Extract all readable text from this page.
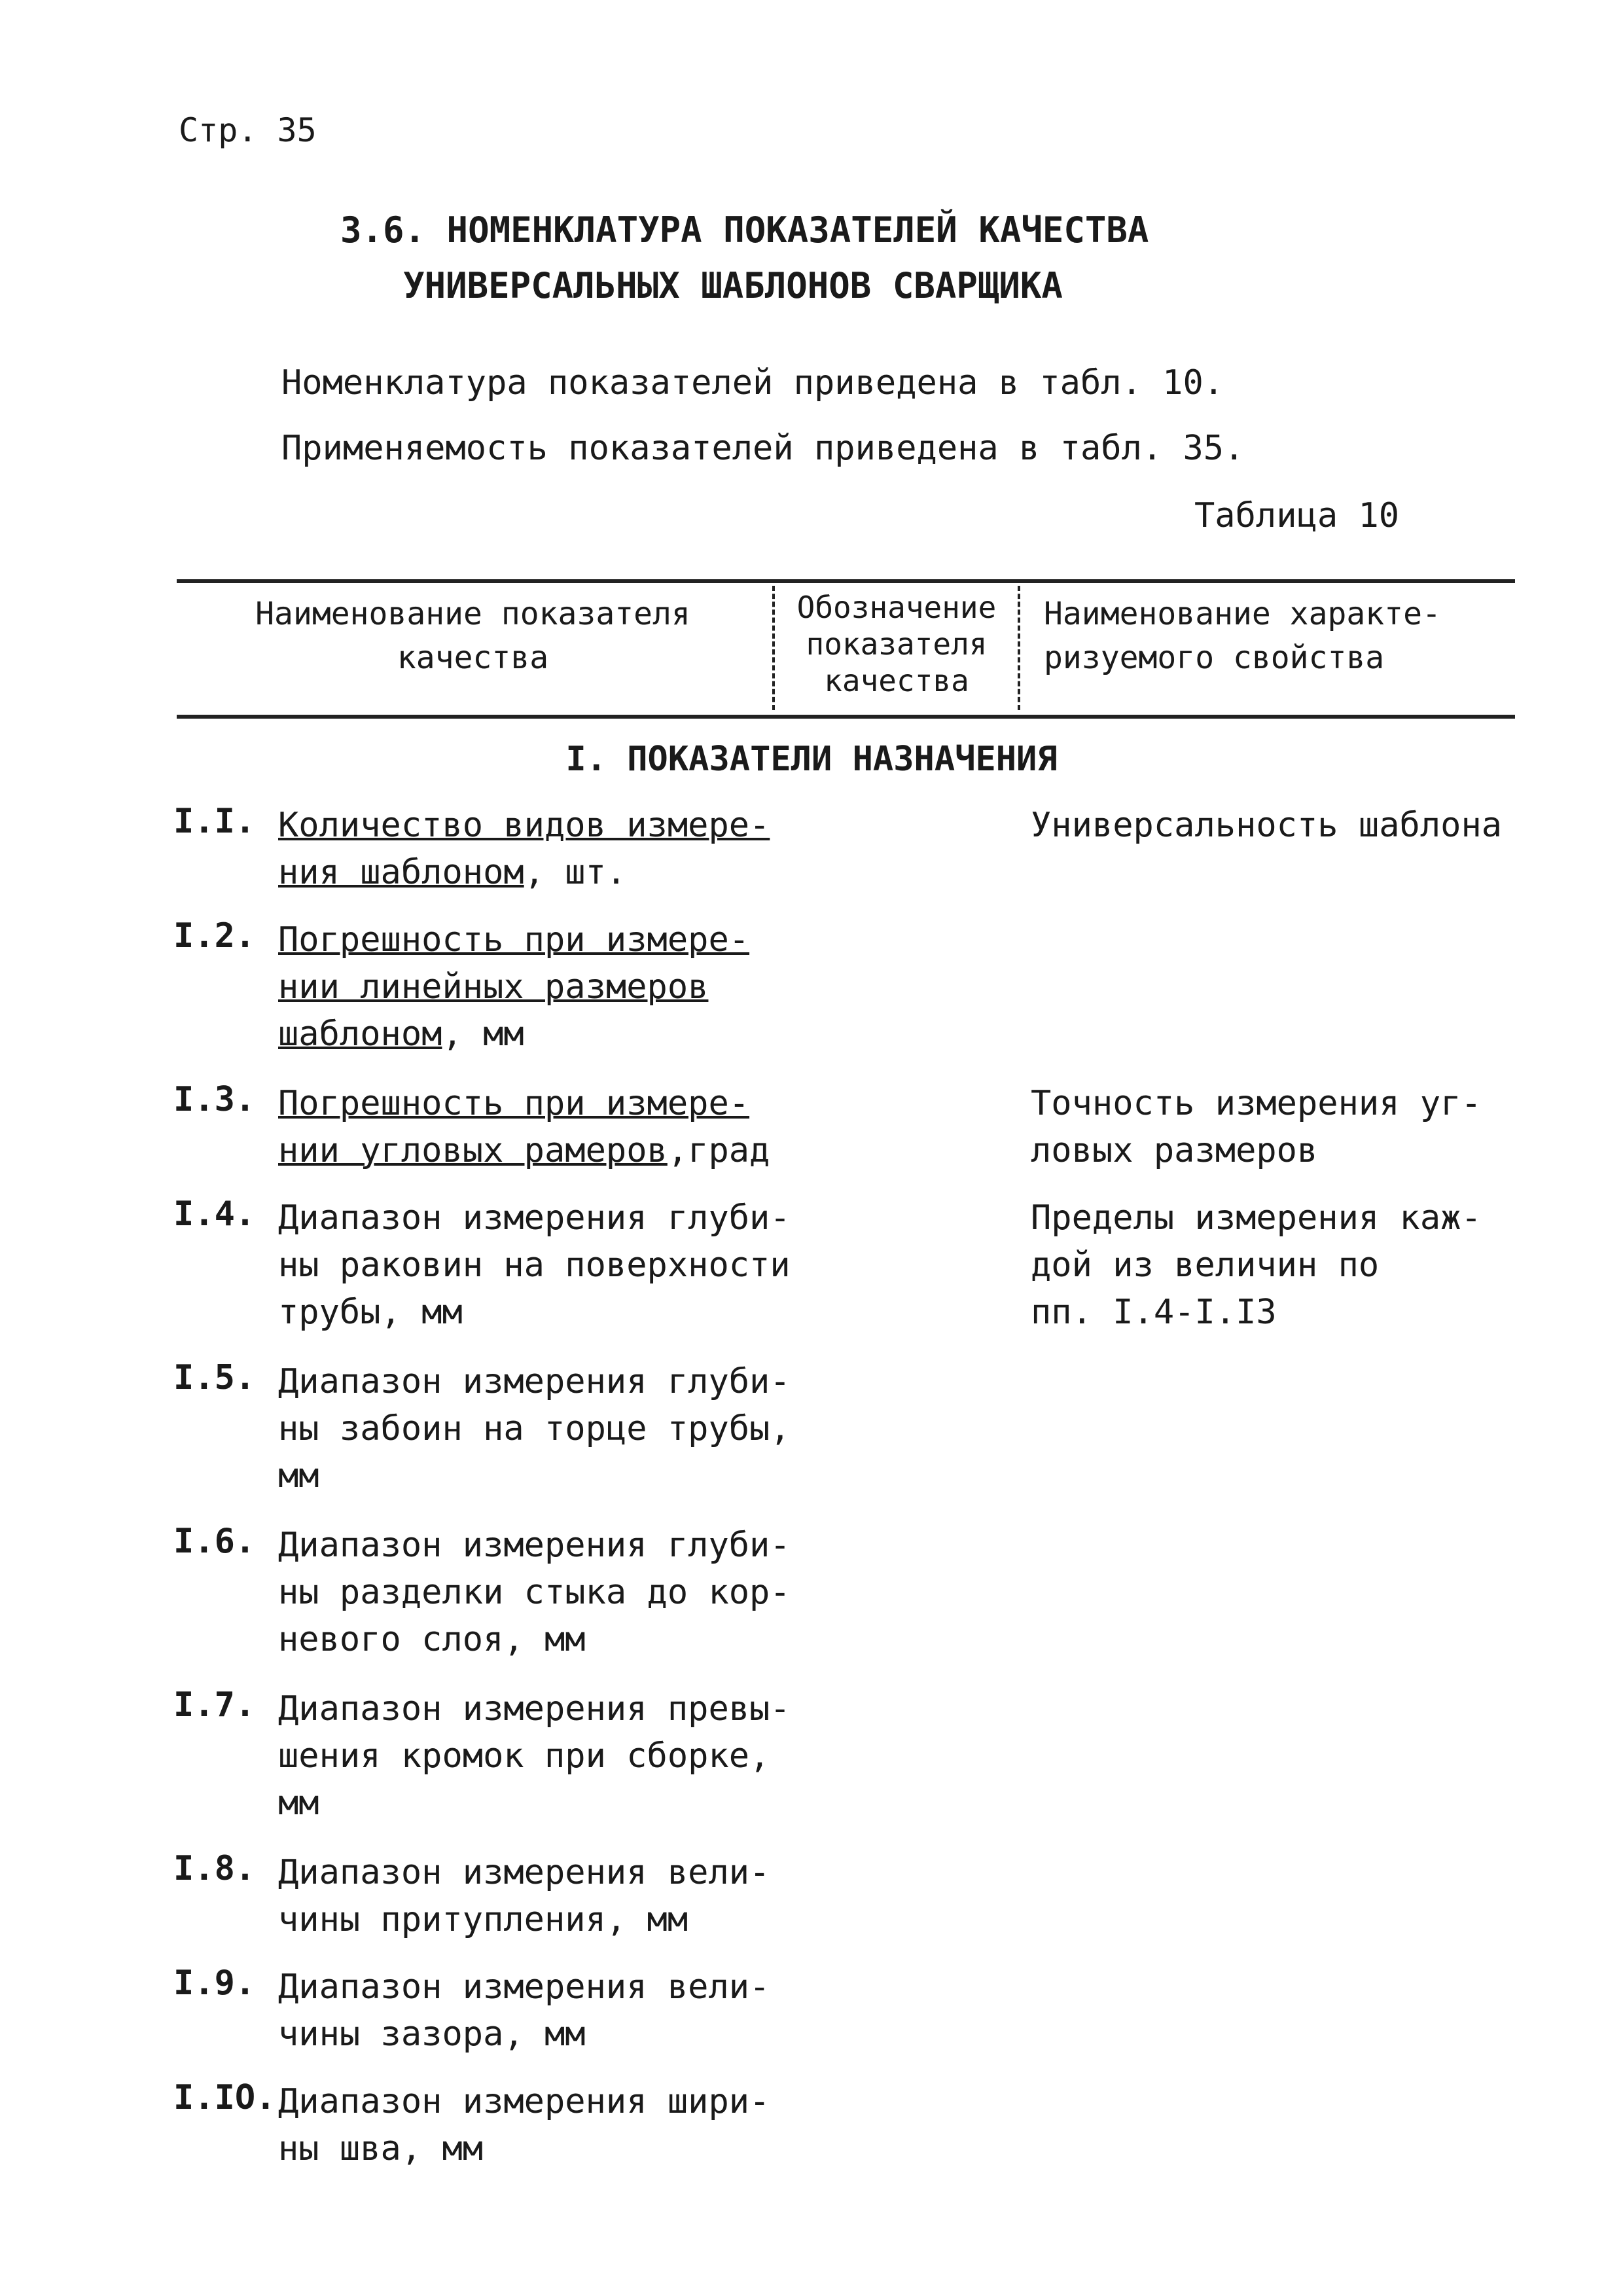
Стр. 35
3.6. НОМЕНКЛАТУРА ПОКАЗАТЕЛЕЙ КАЧЕСТВА
УНИВЕРСАЛЬНЫХ ШАБЛОНОВ СВАРЩИКА
Номенклатура показателей приведена в табл. 10.
Применяемость показателей приведена в табл. 35.
Таблица 10
Наименование показателя
качества
Обозначение
показателя
качества
Наименование характе-
ризуемого свойства
I. ПОКАЗАТЕЛИ НАЗНАЧЕНИЯ
I.I. Количество видов измере-
ния шаблоном, шт.
I.2. Погрешность при измере-
нии линейных размеров
шаблоном, мм
I.3. Погрешность при измере-
нии угловых рамеров,град
I.4. Диапазон измерения глуби-
ны раковин на поверхности
трубы, мм
I.5. Диапазон измерения глуби-
ны забоин на торце трубы,
мм
I.6. Диапазон измерения глуби-
ны разделки стыка до кор-
невого слоя, мм
I.7. Диапазон измерения превы-
шения кромок при сборке,
мм
I.8. Диапазон измерения вели-
чины притупления, мм
I.9. Диапазон измерения вели-
чины зазора, мм
I.IO. Диапазон измерения шири-
ны шва, мм
Универсальность шаблона
Точность измерения уг-
ловых размеров
Пределы измерения каж-
дой из величин по
пп. I.4-I.I3
